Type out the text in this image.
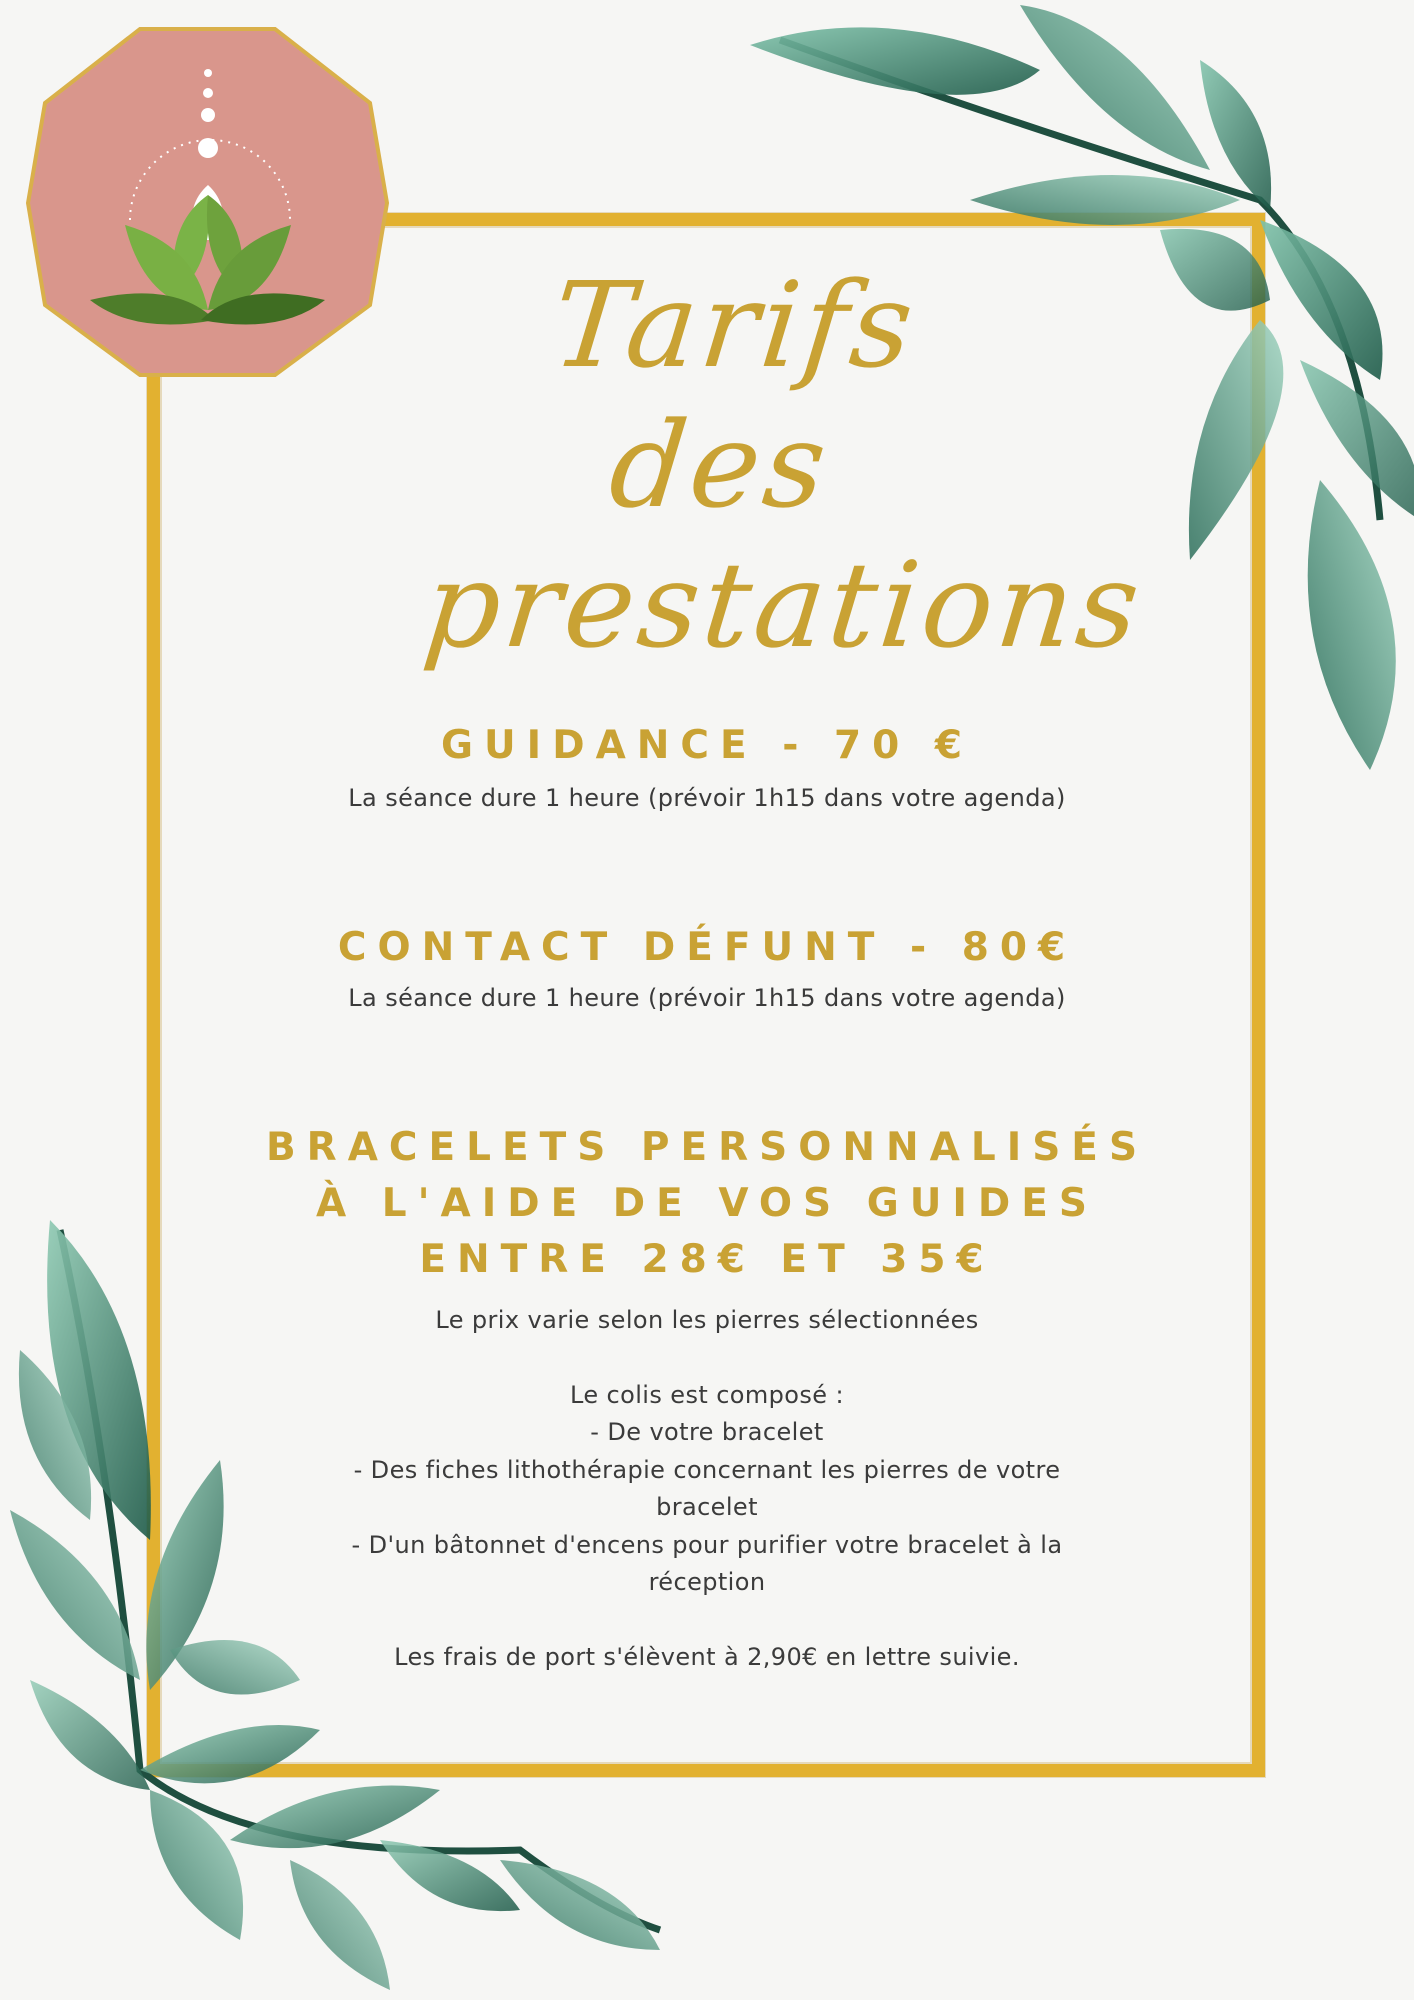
Tarifs des
prestations
GUIDANCE - 70 €
La séance dure 1 heure (prévoir 1h15 dans votre agenda)
CONTACT DÉFUNT - 80€
La séance dure 1 heure (prévoir 1h15 dans votre agenda)
BRACELETS PERSONNALISÉS
À L'AIDE DE VOS GUIDES
ENTRE 28€ ET 35€
Le prix varie selon les pierres sélectionnées
Le colis est composé :
- De votre bracelet
- Des fiches lithothérapie concernant les pierres de votre
bracelet
- D'un bâtonnet d'encens pour purifier votre bracelet à la
réception
Les frais de port s'élèvent à 2,90€ en lettre suivie.
